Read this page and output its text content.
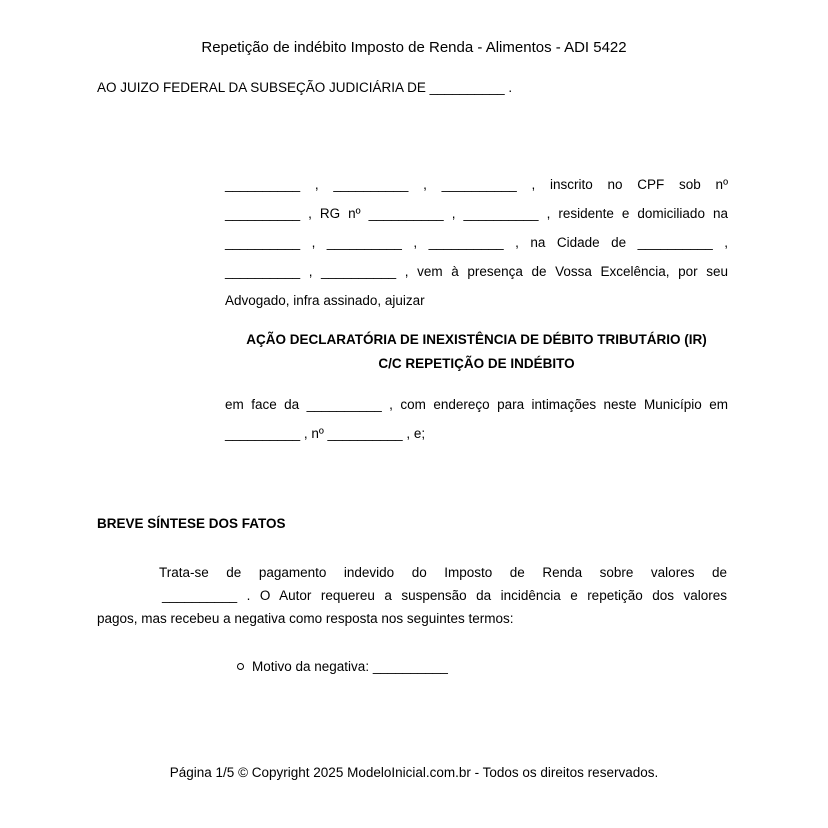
Repetição de indébito Imposto de Renda - Alimentos - ADI 5422
AO JUIZO FEDERAL DA SUBSEÇÃO JUDICIÁRIA DE __________ .
__________ , __________ , __________ , inscrito no CPF sob nº
__________ , RG nº __________ , __________ , residente e domiciliado na
__________ , __________ , __________ , na Cidade de __________ ,
__________ , __________ , vem à presença de Vossa Excelência, por seu
Advogado, infra assinado, ajuizar
AÇÃO DECLARATÓRIA DE INEXISTÊNCIA DE DÉBITO TRIBUTÁRIO (IR)
C/C REPETIÇÃO DE INDÉBITO
em face da __________ , com endereço para intimações neste Município em
__________ , nº __________ , e;
BREVE SÍNTESE DOS FATOS
Trata-se de pagamento indevido do Imposto de Renda sobre valores de
__________ . O Autor requereu a suspensão da incidência e repetição dos valores
pagos, mas recebeu a negativa como resposta nos seguintes termos:
Motivo da negativa: __________
Página 1/5 © Copyright 2025 ModeloInicial.com.br - Todos os direitos reservados.
